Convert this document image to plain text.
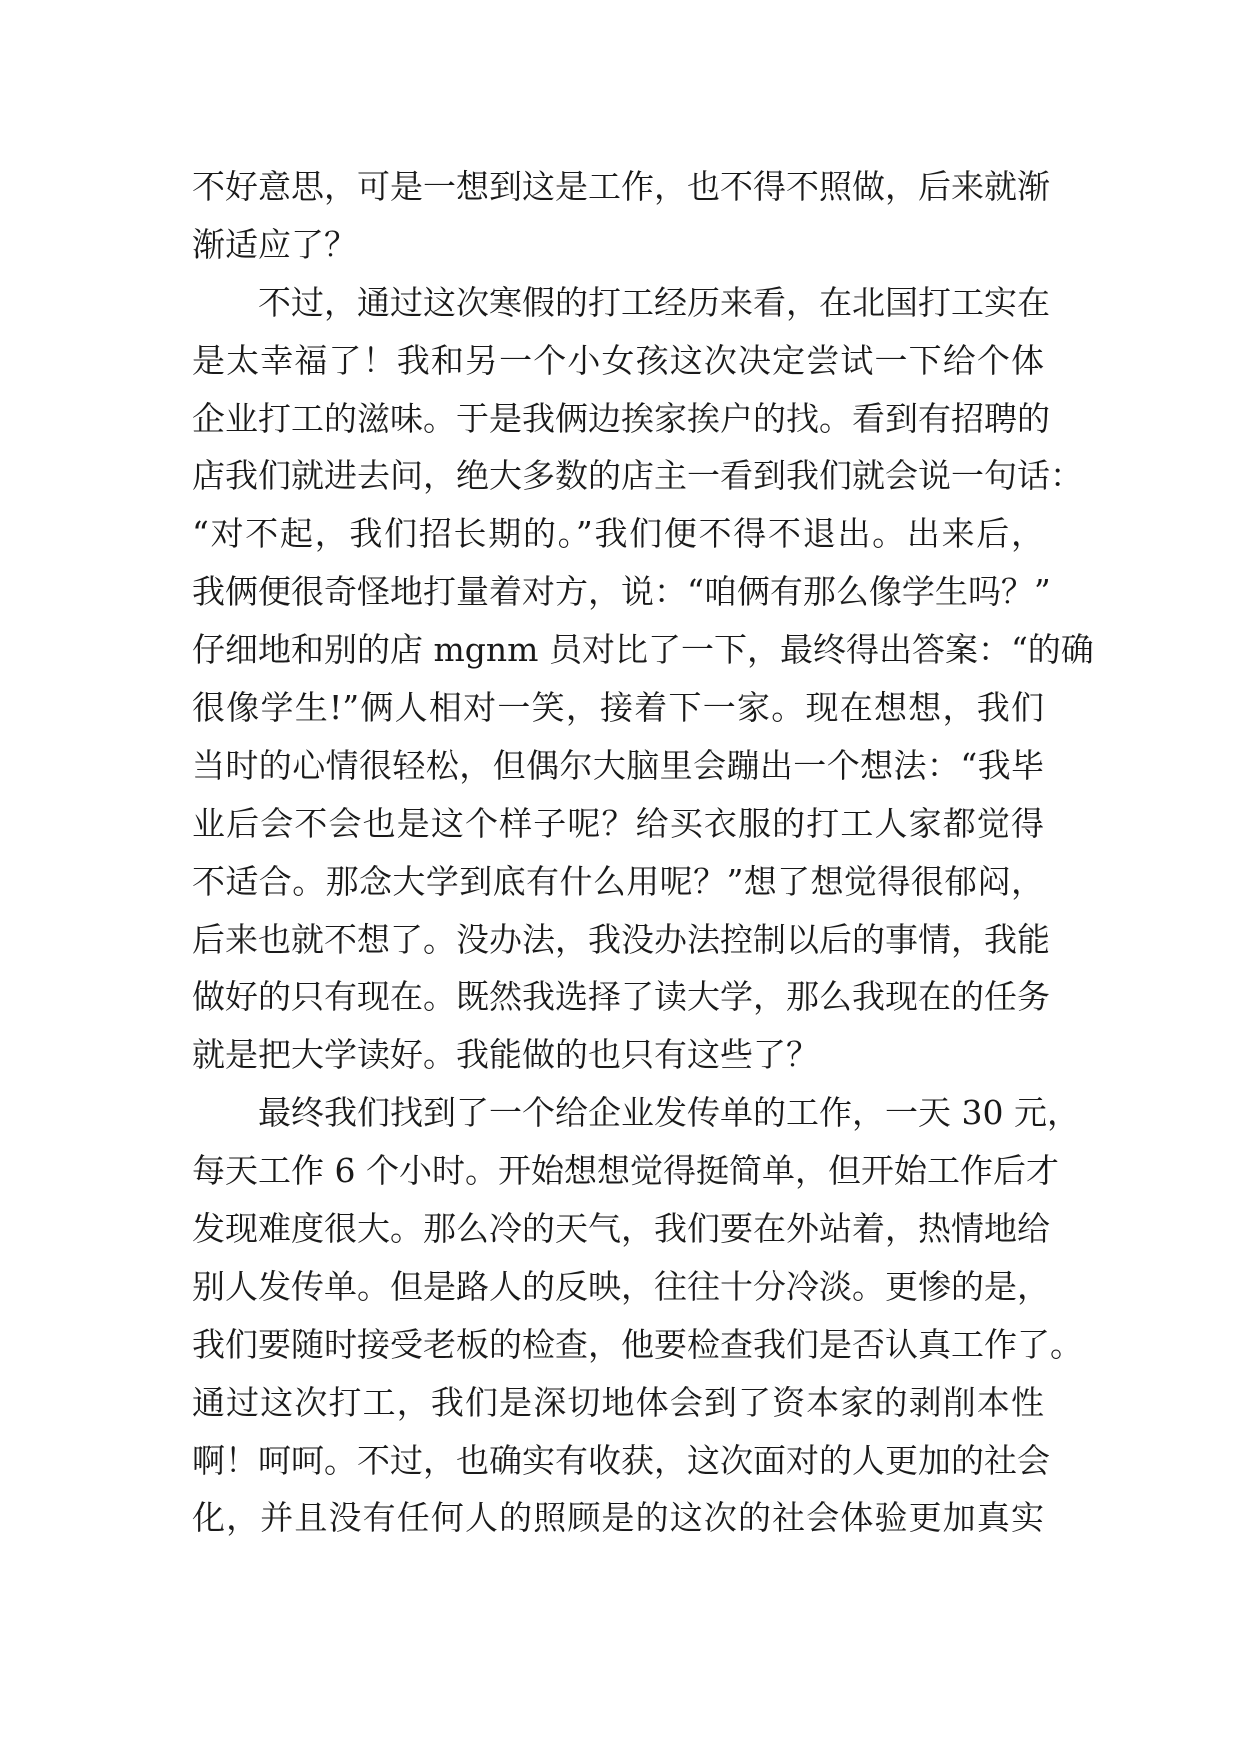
不好意思，可是一想到这是工作，也不得不照做，后来就渐
渐适应了？
不过，通过这次寒假的打工经历来看，在北国打工实在
是太幸福了！我和另一个小女孩这次决定尝试一下给个体
企业打工的滋味。于是我俩边挨家挨户的找。看到有招聘的
店我们就进去问，绝大多数的店主一看到我们就会说一句话：
“对不起，我们招长期的。”我们便不得不退出。出来后，
我俩便很奇怪地打量着对方，说：“咱俩有那么像学生吗？”
仔细地和别的店 mgnm 员对比了一下，最终得出答案：“的确
很像学生!”俩人相对一笑，接着下一家。现在想想，我们
当时的心情很轻松，但偶尔大脑里会蹦出一个想法：“我毕
业后会不会也是这个样子呢？给买衣服的打工人家都觉得
不适合。那念大学到底有什么用呢？”想了想觉得很郁闷，
后来也就不想了。没办法，我没办法控制以后的事情，我能
做好的只有现在。既然我选择了读大学，那么我现在的任务
就是把大学读好。我能做的也只有这些了？
最终我们找到了一个给企业发传单的工作，一天 30 元，
每天工作 6 个小时。开始想想觉得挺简单，但开始工作后才
发现难度很大。那么冷的天气，我们要在外站着，热情地给
别人发传单。但是路人的反映，往往十分冷淡。更惨的是，
我们要随时接受老板的检查，他要检查我们是否认真工作了。
通过这次打工，我们是深切地体会到了资本家的剥削本性
啊！呵呵。不过，也确实有收获，这次面对的人更加的社会
化，并且没有任何人的照顾是的这次的社会体验更加真实
